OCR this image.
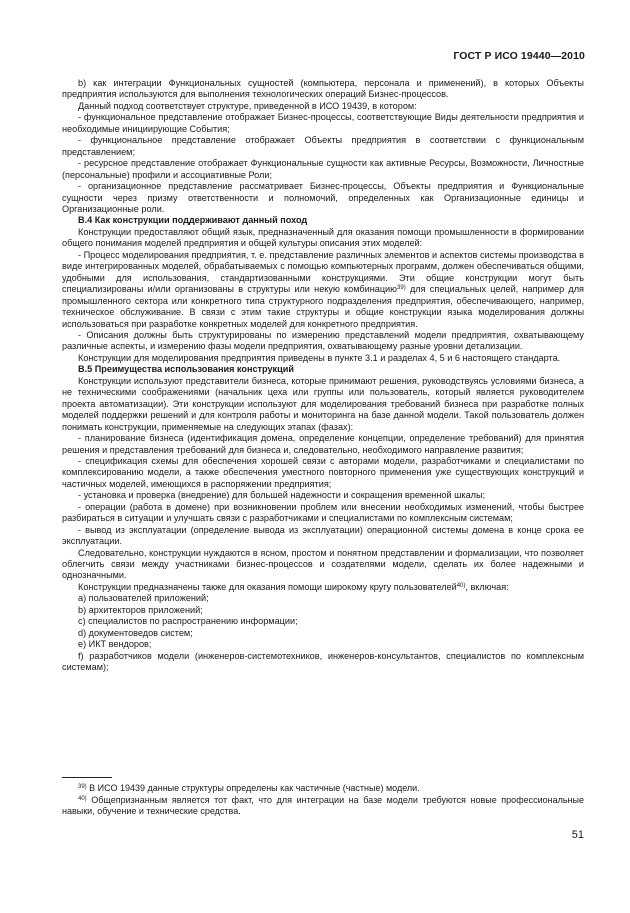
ГОСТ Р ИСО 19440—2010

b) как интеграции Функциональных сущностей (компьютера, персонала и применений), в которых Объекты предприятия используются для выполнения технологических операций Бизнес-процессов.

Данный подход соответствует структуре, приведенной в ИСО 19439, в котором:

- функциональное представление отображает Бизнес-процессы, соответствующие Виды деятельности предприятия и необходимые инициирующие События;

- функциональное представление отображает Объекты предприятия в соответствии с функциональным представлением;

- ресурсное представление отображает Функциональные сущности как активные Ресурсы, Возможности, Личностные (персональные) профили и ассоциативные Роли;

- организационное представление рассматривает Бизнес-процессы, Объекты предприятия и Функциональные сущности через призму ответственности и полномочий, определенных как Организационные единицы и Организационные роли.

B.4 Как конструкции поддерживают данный поход

Конструкции предоставляют общий язык, предназначенный для оказания помощи промышленности в формировании общего понимания моделей предприятия и общей культуры описания этих моделей:

- Процесс моделирования предприятия, т. е. представление различных элементов и аспектов системы производства в виде интегрированных моделей, обрабатываемых с помощью компьютерных программ, должен обеспечиваться общими, удобными для использования, стандартизованными конструкциями. Эти общие конструкции могут быть специализированы и/или организованы в структуры или некую комбинацию$^{39)}$ для специальных целей, например для промышленного сектора или конкретного типа структурного подразделения предприятия, обеспечивающего, например, техническое обслуживание. В связи с этим такие структуры и общие конструкции языка моделирования должны использоваться при разработке конкретных моделей для конкретного предприятия.

- Описания должны быть структурированы по измерению представлений модели предприятия, охватывающему различные аспекты, и измерению фазы модели предприятия, охватывающему разные уровни детализации.

Конструкции для моделирования предприятия приведены в пункте 3.1 и разделах 4, 5 и 6 настоящего стандарта.

B.5 Преимущества использования конструкций

Конструкции используют представители бизнеса, которые принимают решения, руководствуясь условиями бизнеса, а не техническими соображениями (начальник цеха или группы или пользователь, который является руководителем проекта автоматизации). Эти конструкции используют для моделирования требований бизнеса при разработке полных моделей поддержки решений и для контроля работы и мониторинга на базе данной модели. Такой пользователь должен понимать конструкции, применяемые на следующих этапах (фазах):

- планирование бизнеса (идентификация домена, определение концепции, определение требований) для принятия решения и представления требований для бизнеса и, следовательно, необходимого направление развития;

- спецификация схемы для обеспечения хорошей связи с авторами модели, разработчиками и специалистами по комплексированию модели, а также обеспечения уместного повторного применения уже существующих конструкций и частичных моделей, имеющихся в распоряжении предприятия;

- установка и проверка (внедрение) для большей надежности и сокращения временной шкалы;

- операции (работа в домене) при возникновении проблем или внесении необходимых изменений, чтобы быстрее разбираться в ситуации и улучшать связи с разработчиками и специалистами по комплексным системам;

- вывод из эксплуатации (определение вывода из эксплуатации) операционной системы домена в конце срока ее эксплуатации.

Следовательно, конструкции нуждаются в ясном, простом и понятном представлении и формализации, что позволяет облегчить связи между участниками бизнес-процессов и создателями модели, сделать их более надежными и однозначными.

Конструкции предназначены также для оказания помощи широкому кругу пользователей$^{40)}$, включая:

a) пользователей приложений;

b) архитекторов приложений;

c) специалистов по распространению информации;

d) документоведов систем;

e) ИКТ вендоров;

f) разработчиков модели (инженеров-системотехников, инженеров-консультантов, специалистов по комплексным системам);

$^{39)}$ В ИСО 19439 данные структуры определены как частичные (частные) модели.

$^{40)}$ Общепризнанным является тот факт, что для интеграции на базе модели требуются новые профессиональные навыки, обучение и технические средства.

51
